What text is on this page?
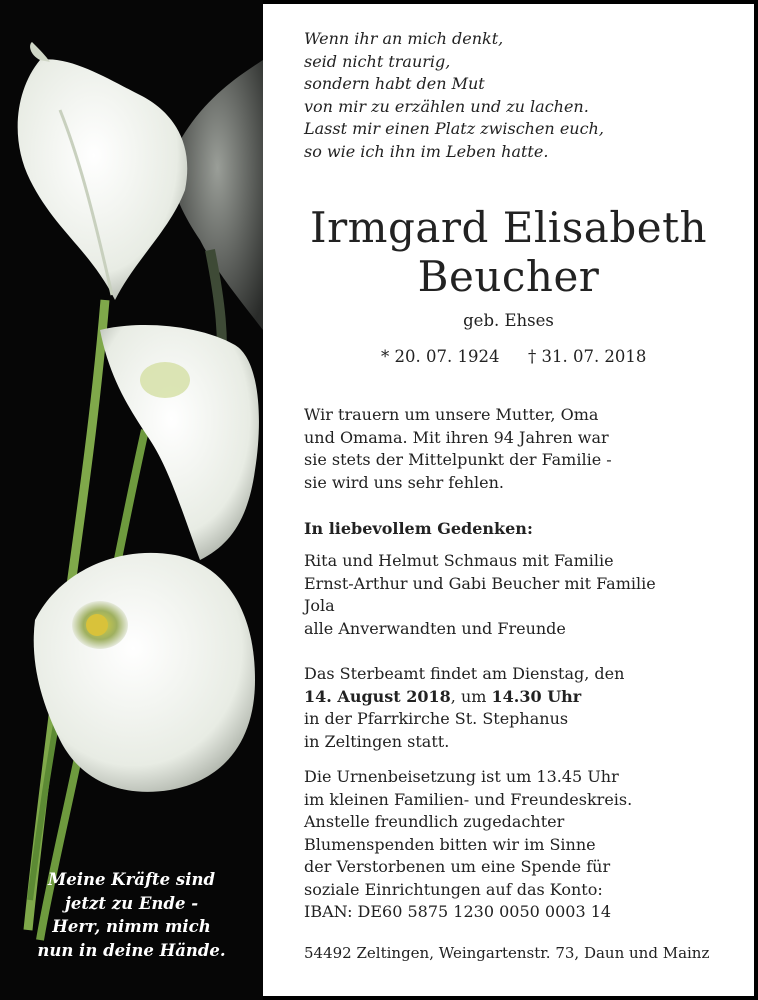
Meine Kräfte sind
jetzt zu Ende -
Herr, nimm mich
nun in deine Hände.
Wenn ihr an mich denkt,
seid nicht traurig,
sondern habt den Mut
von mir zu erzählen und zu lachen.
Lasst mir einen Platz zwischen euch,
so wie ich ihn im Leben hatte.
Irmgard Elisabeth
Beucher
geb. Ehses
* 20. 07. 1924 † 31. 07. 2018
Wir trauern um unsere Mutter, Oma
und Omama. Mit ihren 94 Jahren war
sie stets der Mittelpunkt der Familie -
sie wird uns sehr fehlen.
In liebevollem Gedenken:
Rita und Helmut Schmaus mit Familie
Ernst-Arthur und Gabi Beucher mit Familie
Jola
alle Anverwandten und Freunde
Das Sterbeamt findet am Dienstag, den
14. August 2018, um 14.30 Uhr
in der Pfarrkirche St. Stephanus
in Zeltingen statt.
Die Urnenbeisetzung ist um 13.45 Uhr
im kleinen Familien- und Freundeskreis.
Anstelle freundlich zugedachter
Blumenspenden bitten wir im Sinne
der Verstorbenen um eine Spende für
soziale Einrichtungen auf das Konto:
IBAN: DE60 5875 1230 0050 0003 14
54492 Zeltingen, Weingartenstr. 73, Daun und Mainz
